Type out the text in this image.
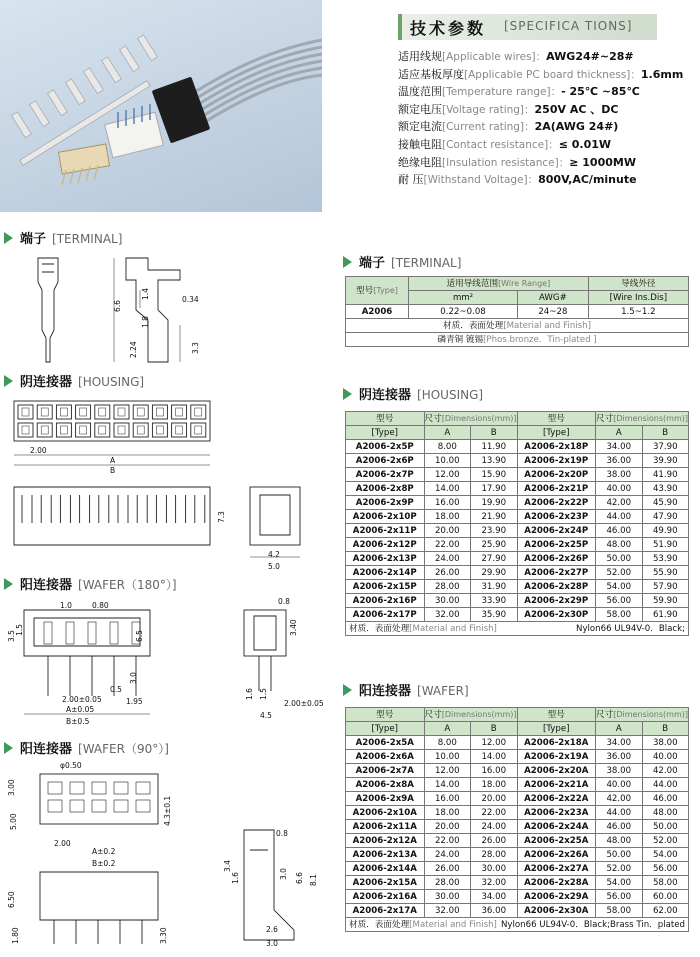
技术参数 [SPECIFICA TIONS]
适用线规[Applicable wires]：AWG24#~28#
适应基板厚度[Applicable PC board thickness]：1.6mm
温度范围[Temperature range]：- 25℃ ~85℃
额定电压[Voltage rating]：250V AC 、DC
额定电流[Current rating]：2A(AWG 24#)
接触电阻[Contact resistance]：≤ 0.01W
绝缘电阻[Insulation resistance]：≥ 1000MW
耐 压[Withstand Voltage]：800V,AC/minute
端子 [TERMINAL]
阴连接器 [HOUSING]
阳连接器 [WAFER（180°）]
阳连接器 [WAFER（90°）]
6.6
1.4
1.8
2.24
0.34
3.3
2.00
A
B
7.3
4.2
5.0
1.0	0.80
3.5
1.5
6.5
3.0
0.5
2.00±0.05
A±0.05
B±0.5
1.95
0.8
3.40
1.6 1.5
2.00±0.05
4.5
φ0.50
3.00
5.00
2.00
A±0.2
B±0.2
4.3±0.1
0.8
3.4
1.6	3.0 6.6 8.1
6.50
1.80	3.30	2.6
3.0
端子 [TERMINAL]
型号[Type]	适用导线范围[Wire Range]		导线外径
	mm²	AWG#	[Wire Ins.Dis]
A2006	0.22~0.08	24~28	1.5~1.2
材质．表面处理[Material and Finish]			
磷青铜 镀锡[Phos.bronze．Tin-plated ]			
阴连接器 [HOUSING]
型号	尺寸[Dimensions(mm)]		型号	尺寸[Dimensions(mm)]	
[Type]	A	B	[Type]	A	B
A2006-2x5P	8.00	11.90	A2006-2x18P	34.00	37.90
A2006-2x6P	10.00	13.90	A2006-2x19P	36.00	39.90
A2006-2x7P	12.00	15.90	A2006-2x20P	38.00	41.90
A2006-2x8P	14.00	17.90	A2006-2x21P	40.00	43.90
A2006-2x9P	16.00	19.90	A2006-2x22P	42.00	45.90
A2006-2x10P	18.00	21.90	A2006-2x23P	44.00	47.90
A2006-2x11P	20.00	23.90	A2006-2x24P	46.00	49.90
A2006-2x12P	22.00	25.90	A2006-2x25P	48.00	51.90
A2006-2x13P	24.00	27.90	A2006-2x26P	50.00	53.90
A2006-2x14P	26.00	29.90	A2006-2x27P	52.00	55.90
A2006-2x15P	28.00	31.90	A2006-2x28P	54.00	57.90
A2006-2x16P	30.00	33.90	A2006-2x29P	56.00	59.90
A2006-2x17P	32.00	35.90	A2006-2x30P	58.00	61.90
材质．表面处理[Material and Finish] Nylon66 UL94V-0．Black;					
阳连接器 [WAFER]
型号	尺寸[Dimensions(mm)]		型号	尺寸[Dimensions(mm)]	
[Type]	A	B	[Type]	A	B
A2006-2x5A	8.00	12.00	A2006-2x18A	34.00	38.00
A2006-2x6A	10.00	14.00	A2006-2x19A	36.00	40.00
A2006-2x7A	12.00	16.00	A2006-2x20A	38.00	42.00
A2006-2x8A	14.00	18.00	A2006-2x21A	40.00	44.00
A2006-2x9A	16.00	20.00	A2006-2x22A	42.00	46.00
A2006-2x10A	18.00	22.00	A2006-2x23A	44.00	48.00
A2006-2x11A	20.00	24.00	A2006-2x24A	46.00	50.00
A2006-2x12A	22.00	26.00	A2006-2x25A	48.00	52.00
A2006-2x13A	24.00	28.00	A2006-2x26A	50.00	54.00
A2006-2x14A	26.00	30.00	A2006-2x27A	52.00	56.00
A2006-2x15A	28.00	32.00	A2006-2x28A	54.00	58.00
A2006-2x16A	30.00	34.00	A2006-2x29A	56.00	60.00
A2006-2x17A	32.00	36.00	A2006-2x30A	58.00	62.00
材质．表面处理[Material and Finish] Nylon66 UL94V-0．Black;Brass Tin．plated					
